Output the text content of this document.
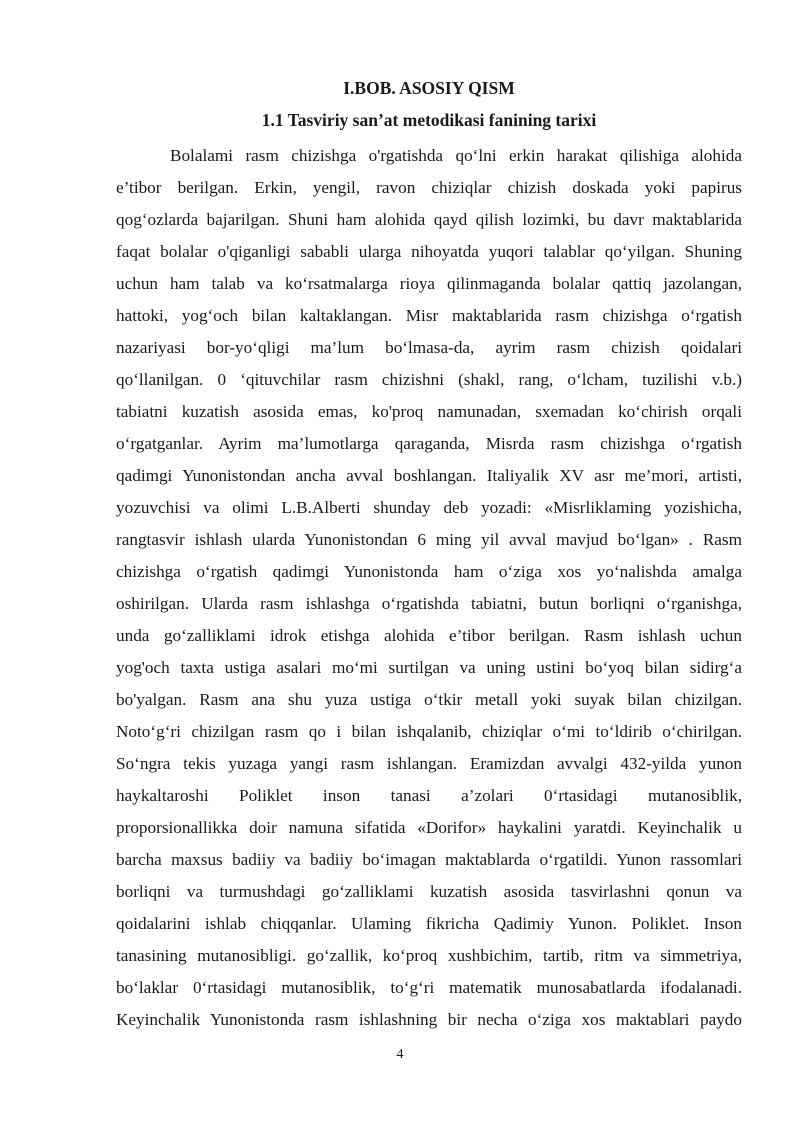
I.BOB. ASOSIY QISM
1.1 Tasviriy san’at metodikasi fanining tarixi
Bolalami rasm chizishga o'rgatishda qo‘lni erkin harakat qilishiga alohida
e’tibor berilgan. Erkin, yengil, ravon chiziqlar chizish doskada yoki papirus
qog‘ozlarda bajarilgan. Shuni ham alohida qayd qilish lozimki, bu davr maktablarida
faqat bolalar o'qiganligi sababli ularga nihoyatda yuqori talablar qo‘yilgan. Shuning
uchun ham talab va ko‘rsatmalarga rioya qilinmaganda bolalar qattiq jazolangan,
hattoki, yog‘och bilan kaltaklangan. Misr maktablarida rasm chizishga o‘rgatish
nazariyasi bor-yo‘qligi ma’lum bo‘lmasa-da, ayrim rasm chizish qoidalari
qo‘llanilgan. 0 ‘qituvchilar rasm chizishni (shakl, rang, o‘lcham, tuzilishi v.b.)
tabiatni kuzatish asosida emas, ko'proq namunadan, sxemadan ko‘chirish orqali
o‘rgatganlar. Ayrim ma’lumotlarga qaraganda, Misrda rasm chizishga o‘rgatish
qadimgi Yunonistondan ancha avval boshlangan. Italiyalik XV asr me’mori, artisti,
yozuvchisi va olimi L.B.Alberti shunday deb yozadi: «Misrliklaming yozishicha,
rangtasvir ishlash ularda Yunonistondan 6 ming yil avval mavjud bo‘lgan» . Rasm
chizishga o‘rgatish qadimgi Yunonistonda ham o‘ziga xos yo‘nalishda amalga
oshirilgan. Ularda rasm ishlashga o‘rgatishda tabiatni, butun borliqni o‘rganishga,
unda go‘zalliklami idrok etishga alohida e’tibor berilgan. Rasm ishlash uchun
yog'och taxta ustiga asalari mo‘mi surtilgan va uning ustini bo‘yoq bilan sidirg‘a
bo'yalgan. Rasm ana shu yuza ustiga o‘tkir metall yoki suyak bilan chizilgan.
Noto‘g‘ri chizilgan rasm qo i bilan ishqalanib, chiziqlar o‘mi to‘ldirib o‘chirilgan.
So‘ngra tekis yuzaga yangi rasm ishlangan. Eramizdan avvalgi 432-yilda yunon
haykaltaroshi Poliklet inson tanasi a’zolari 0‘rtasidagi mutanosiblik,
proporsionallikka doir namuna sifatida «Dorifor» haykalini yaratdi. Keyinchalik u
barcha maxsus badiiy va badiiy bo‘imagan maktablarda o‘rgatildi. Yunon rassomlari
borliqni va turmushdagi go‘zalliklami kuzatish asosida tasvirlashni qonun va
qoidalarini ishlab chiqqanlar. Ulaming fikricha Qadimiy Yunon. Poliklet. Inson
tanasining mutanosibligi. go‘zallik, ko‘proq xushbichim, tartib, ritm va simmetriya,
bo‘laklar 0‘rtasidagi mutanosiblik, to‘g‘ri matematik munosabatlarda ifodalanadi.
Keyinchalik Yunonistonda rasm ishlashning bir necha o‘ziga xos maktablari paydo
4
